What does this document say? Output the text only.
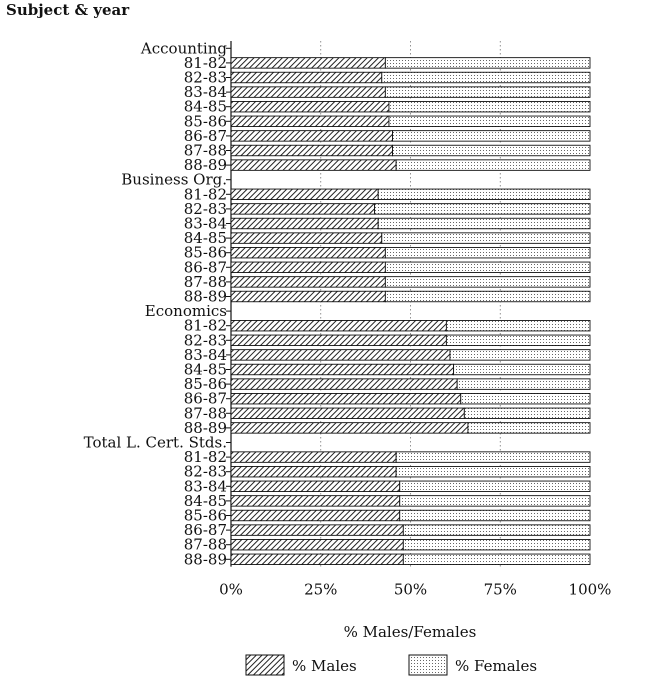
Subject & year
Accounting
81-82
82-83
83-84
84-85
85-86
86-87
87-88
88-89
Business Org.
81-82
82-83
83-84
84-85
85-86
86-87
87-88
88-89
Economics
81-82
82-83
83-84
84-85
85-86
86-87
87-88
88-89
Total L. Cert. Stds.
81-82
82-83
83-84
84-85
85-86
86-87
87-88
88-89
0%	25%	50%	75%	100%
% Males/Females
% Males	% Females
